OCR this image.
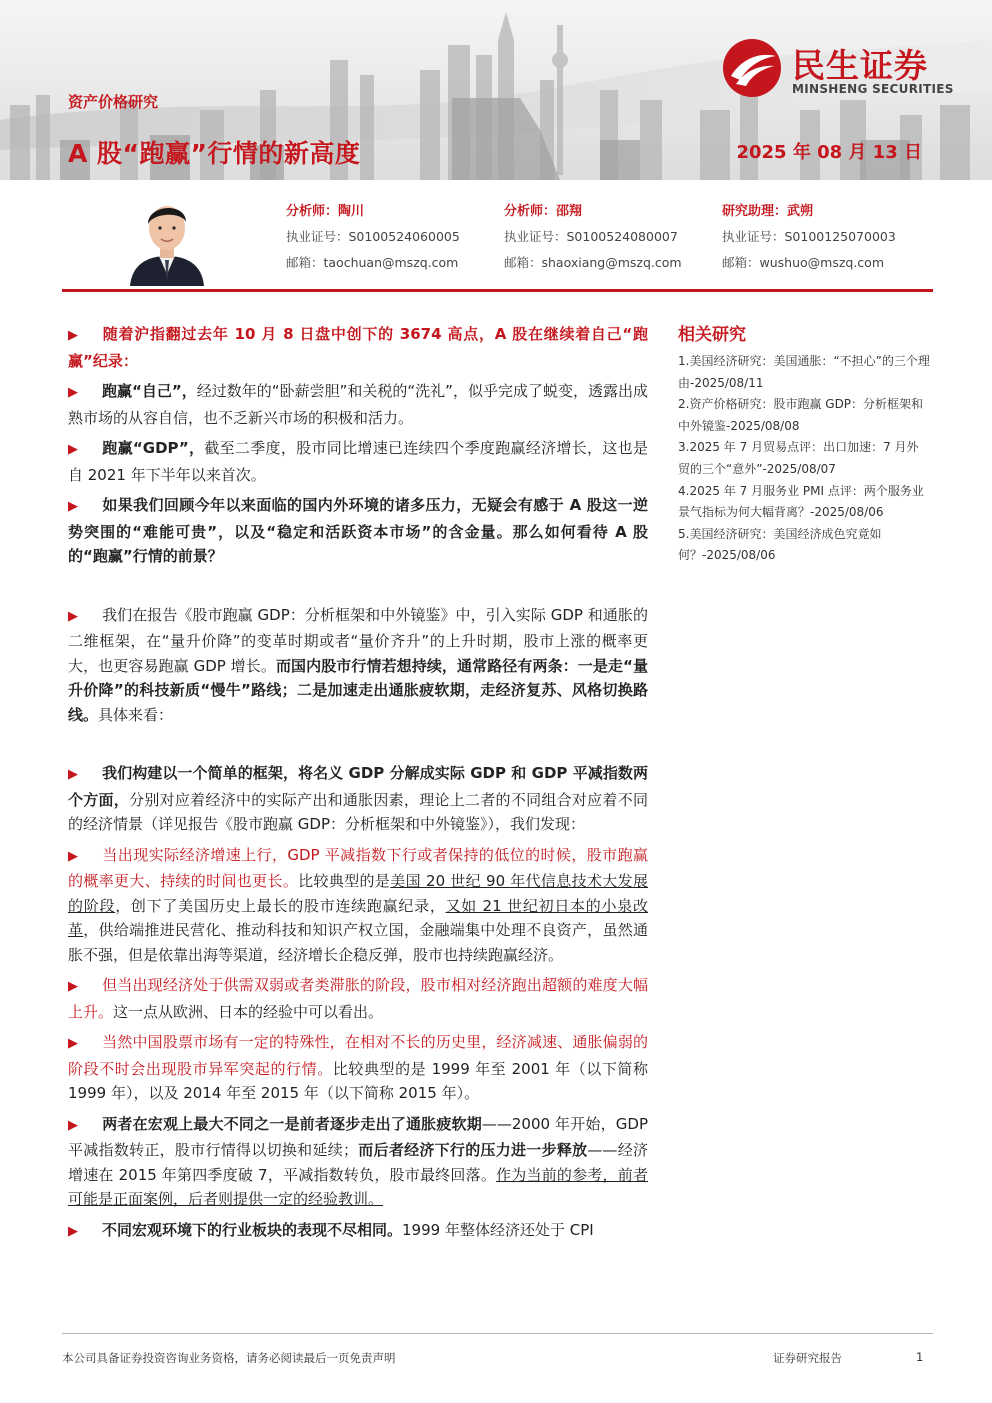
资产价格研究
A 股“跑赢”行情的新高度	2025 年 08 月 13 日
民生证券
MINSHENG SECURITIES
分析师：陶川
执业证号：S0100524060005
邮箱：taochuan@mszq.com
分析师：邵翔
执业证号：S0100524080007
邮箱：shaoxiang@mszq.com
研究助理：武朔
执业证号：S0100125070003
邮箱：wushuo@mszq.com
▶ 随着沪指翻过去年 10 月 8 日盘中创下的 3674 高点，A 股在继续着自己“跑赢”纪录：
▶ 跑赢“自己”，经过数年的“卧薪尝胆”和关税的“洗礼”，似乎完成了蜕变，透露出成熟市场的从容自信，也不乏新兴市场的积极和活力。
▶ 跑赢“GDP”，截至二季度，股市同比增速已连续四个季度跑赢经济增长，这也是自 2021 年下半年以来首次。
▶ 如果我们回顾今年以来面临的国内外环境的诸多压力，无疑会有感于 A 股这一逆势突围的“难能可贵”，以及“稳定和活跃资本市场”的含金量。那么如何看待 A 股的“跑赢”行情的前景？
▶ 我们在报告《股市跑赢 GDP：分析框架和中外镜鉴》中，引入实际 GDP 和通胀的二维框架，在“量升价降”的变革时期或者“量价齐升”的上升时期，股市上涨的概率更大，也更容易跑赢 GDP 增长。而国内股市行情若想持续，通常路径有两条：一是走“量升价降”的科技新质“慢牛”路线；二是加速走出通胀疲软期，走经济复苏、风格切换路线。具体来看：
▶ 我们构建以一个简单的框架，将名义 GDP 分解成实际 GDP 和 GDP 平减指数两个方面，分别对应着经济中的实际产出和通胀因素，理论上二者的不同组合对应着不同的经济情景（详见报告《股市跑赢 GDP：分析框架和中外镜鉴》），我们发现：
▶ 当出现实际经济增速上行，GDP 平减指数下行或者保持的低位的时候，股市跑赢的概率更大、持续的时间也更长。比较典型的是美国 20 世纪 90 年代信息技术大发展的阶段，创下了美国历史上最长的股市连续跑赢纪录，又如 21 世纪初日本的小泉改革，供给端推进民营化、推动科技和知识产权立国，金融端集中处理不良资产，虽然通胀不强，但是依靠出海等渠道，经济增长企稳反弹，股市也持续跑赢经济。
▶ 但当出现经济处于供需双弱或者类滞胀的阶段，股市相对经济跑出超额的难度大幅上升。这一点从欧洲、日本的经验中可以看出。
▶ 当然中国股票市场有一定的特殊性，在相对不长的历史里，经济减速、通胀偏弱的阶段不时会出现股市异军突起的行情。比较典型的是 1999 年至 2001 年（以下简称 1999 年），以及 2014 年至 2015 年（以下简称 2015 年）。
▶ 两者在宏观上最大不同之一是前者逐步走出了通胀疲软期——2000 年开始，GDP 平减指数转正，股市行情得以切换和延续；而后者经济下行的压力进一步释放——经济增速在 2015 年第四季度破 7，平减指数转负，股市最终回落。作为当前的参考，前者可能是正面案例，后者则提供一定的经验教训。
▶ 不同宏观环境下的行业板块的表现不尽相同。1999 年整体经济还处于 CPI
相关研究
1.美国经济研究：美国通胀：“不担心”的三个理由-2025/08/11
2.资产价格研究：股市跑赢 GDP：分析框架和中外镜鉴-2025/08/08
3.2025 年 7 月贸易点评：出口加速：7 月外贸的三个“意外”-2025/08/07
4.2025 年 7 月服务业 PMI 点评：两个服务业景气指标为何大幅背离？-2025/08/06
5.美国经济研究：美国经济成色究竟如何？-2025/08/06
本公司具备证券投资咨询业务资格，请务必阅读最后一页免责声明	证券研究报告	1
